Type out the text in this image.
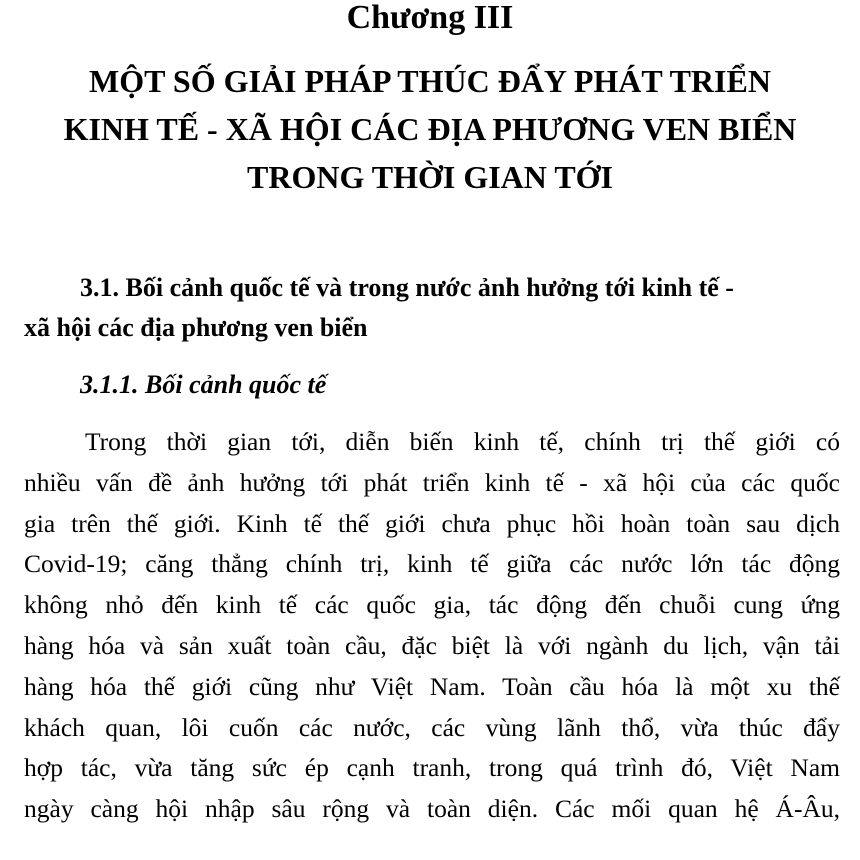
Chương III
MỘT SỐ GIẢI PHÁP THÚC ĐẨY PHÁT TRIỂN
KINH TẾ - XÃ HỘI CÁC ĐỊA PHƯƠNG VEN BIỂN
TRONG THỜI GIAN TỚI
3.1. Bối cảnh quốc tế và trong nước ảnh hưởng tới kinh tế -
xã hội các địa phương ven biển
3.1.1. Bối cảnh quốc tế

Trong thời gian tới, diễn biến kinh tế, chính trị thế giới có
nhiều vấn đề ảnh hưởng tới phát triển kinh tế - xã hội của các quốc
gia trên thế giới. Kinh tế thế giới chưa phục hồi hoàn toàn sau dịch
Covid-19; căng thẳng chính trị, kinh tế giữa các nước lớn tác động
không nhỏ đến kinh tế các quốc gia, tác động đến chuỗi cung ứng
hàng hóa và sản xuất toàn cầu, đặc biệt là với ngành du lịch, vận tải
hàng hóa thế giới cũng như Việt Nam. Toàn cầu hóa là một xu thế
khách quan, lôi cuốn các nước, các vùng lãnh thổ, vừa thúc đẩy
hợp tác, vừa tăng sức ép cạnh tranh, trong quá trình đó, Việt Nam
ngày càng hội nhập sâu rộng và toàn diện. Các mối quan hệ Á-Âu,
